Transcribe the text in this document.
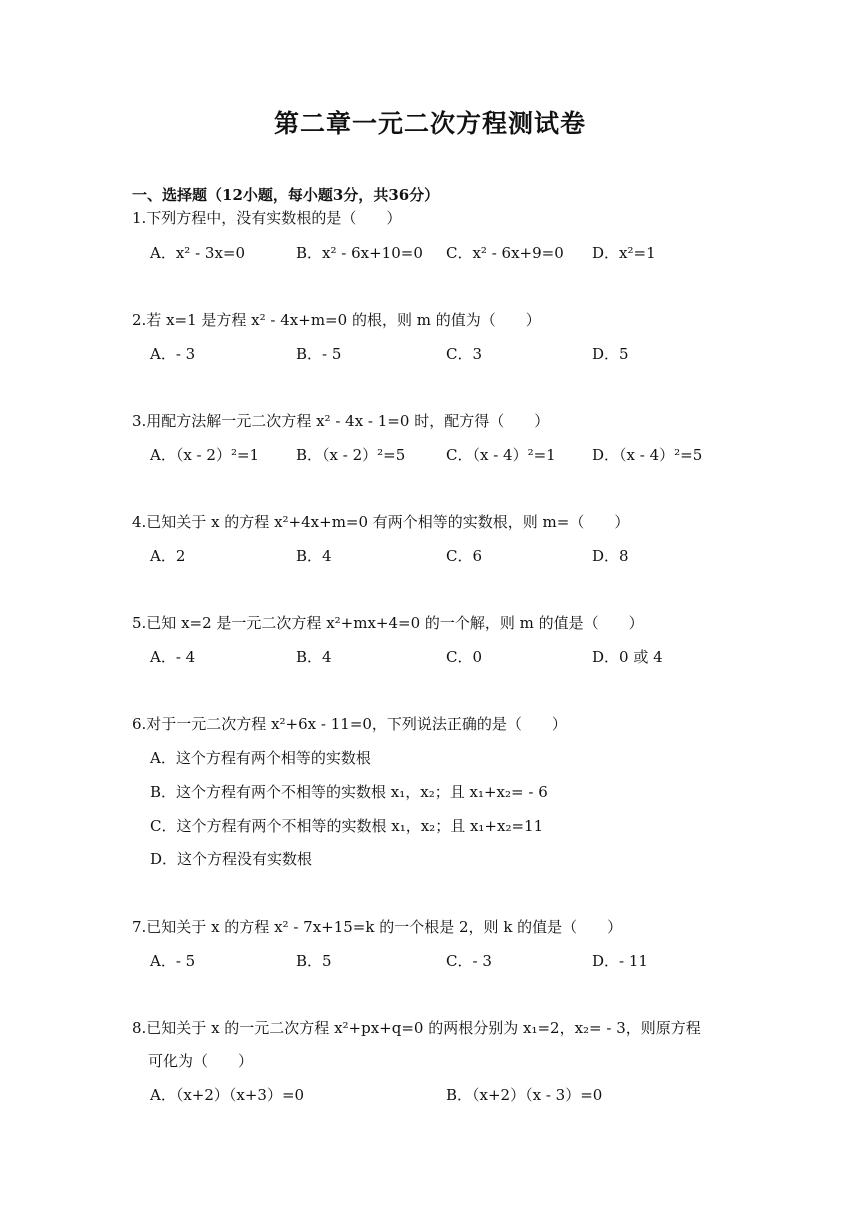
第二章一元二次方程测试卷
一、选择题（12小题，每小题3分，共36分）
1.下列方程中，没有实数根的是（　　）
A．x² - 3x=0	B．x² - 6x+10=0 C．x² - 6x+9=0 D．x²=1
2.若 x=1 是方程 x² - 4x+m=0 的根，则 m 的值为（　　）
A．- 3	B．- 5	C．3	D．5
3.用配方法解一元二次方程 x² - 4x - 1=0 时，配方得（　　）
A．（x - 2）²=1 B．（x - 2）²=5	C．（x - 4）²=1 D．（x - 4）²=5
4.已知关于 x 的方程 x²+4x+m=0 有两个相等的实数根，则 m=（　　）
A．2	B．4	C．6	D．8
5.已知 x=2 是一元二次方程 x²+mx+4=0 的一个解，则 m 的值是（　　）
A．- 4	B．4	C．0	D．0 或 4
6.对于一元二次方程 x²+6x - 11=0，下列说法正确的是（　　）
A．这个方程有两个相等的实数根
B．这个方程有两个不相等的实数根 x₁，x₂；且 x₁+x₂= - 6
C．这个方程有两个不相等的实数根 x₁，x₂；且 x₁+x₂=11
D．这个方程没有实数根
7.已知关于 x 的方程 x² - 7x+15=k 的一个根是 2，则 k 的值是（　　）
A．- 5	B．5	C．- 3	D．- 11
8.已知关于 x 的一元二次方程 x²+px+q=0 的两根分别为 x₁=2，x₂= - 3，则原方程
可化为（　　）
A．（x+2）（x+3）=0	B．（x+2）（x - 3）=0
